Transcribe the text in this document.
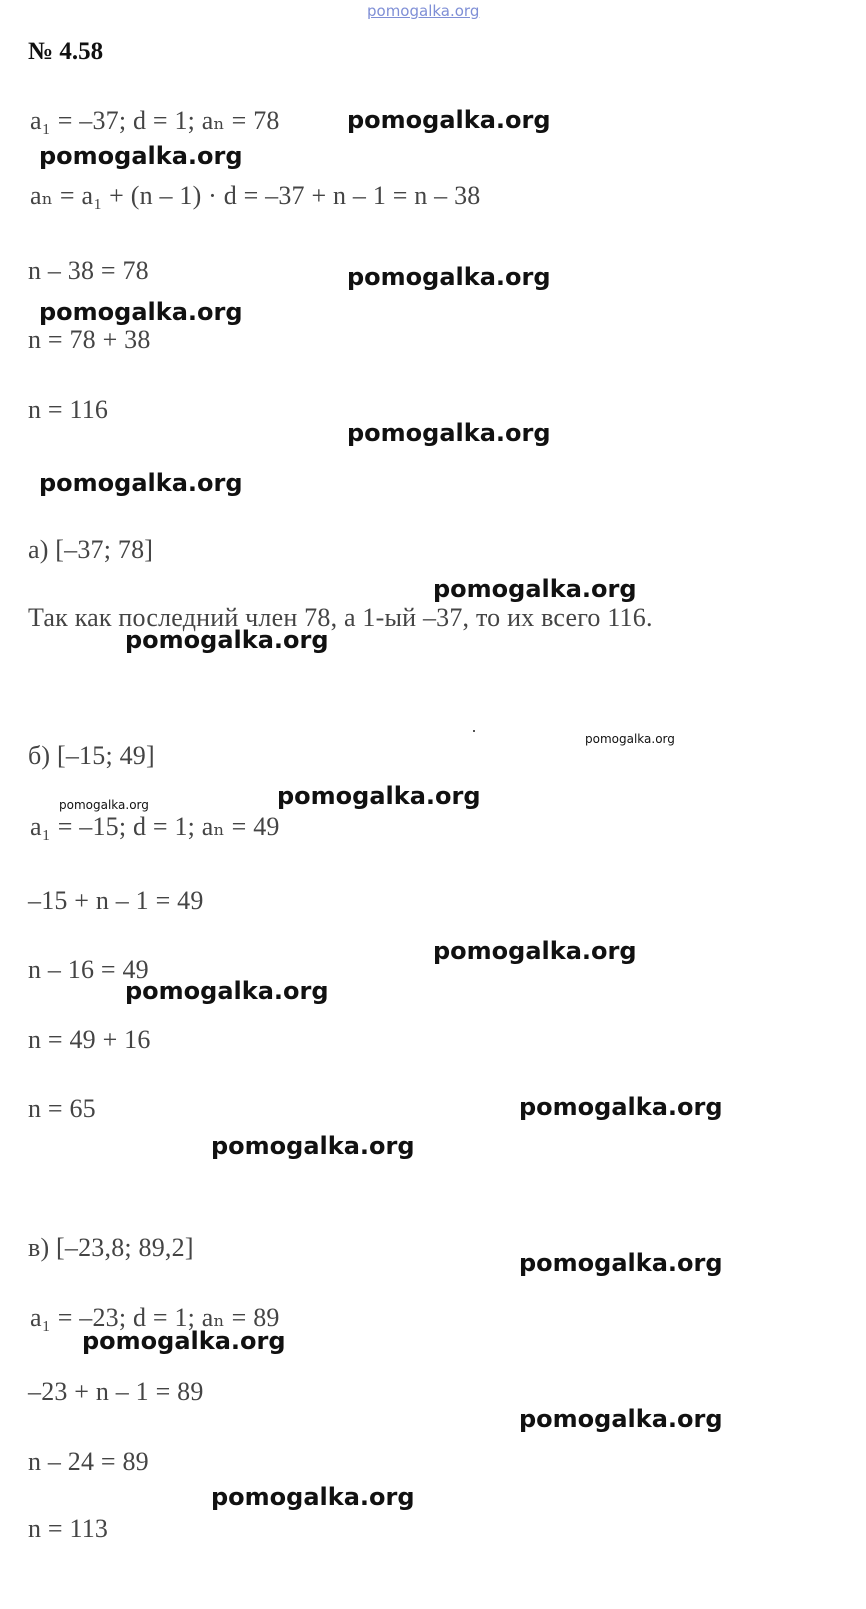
pomogalka.org
№ 4.58
a₁ = –37; d = 1; aₙ = 78
aₙ = a₁ + (n – 1) · d = –37 + n – 1 = n – 38
n – 38 = 78
n = 78 + 38
n = 116
а) [–37; 78]
Так как последний член 78, а 1-ый –37, то их всего 116.
б) [–15; 49]
a₁ = –15; d = 1; aₙ = 49
–15 + n – 1 = 49
n – 16 = 49
n = 49 + 16
n = 65
в) [–23,8; 89,2]
a₁ = –23; d = 1; aₙ = 89
–23 + n – 1 = 89
n – 24 = 89
n = 113
pomogalka.org
pomogalka.org
pomogalka.org
pomogalka.org
pomogalka.org
pomogalka.org
pomogalka.org
pomogalka.org
pomogalka.org
pomogalka.org
pomogalka.org
pomogalka.org
pomogalka.org
pomogalka.org
pomogalka.org
pomogalka.org
pomogalka.org
pomogalka.org
pomogalka.org
